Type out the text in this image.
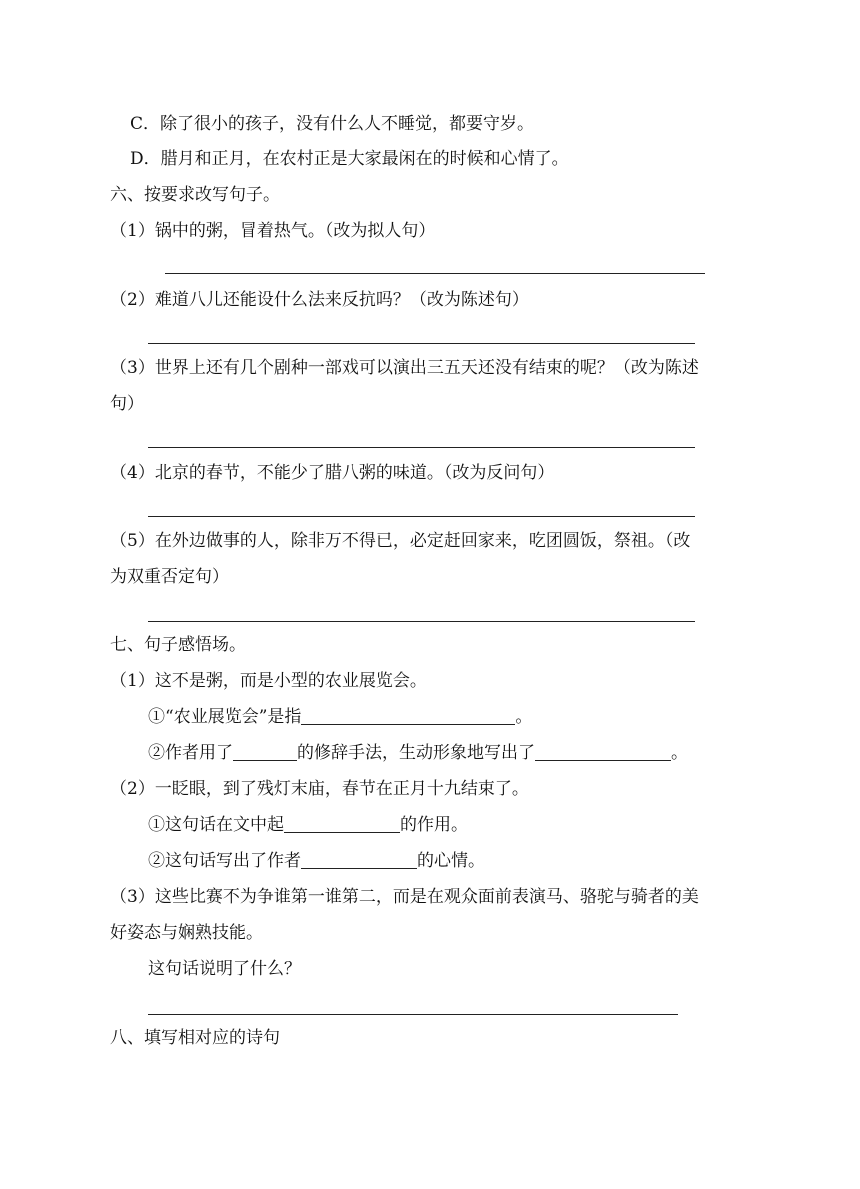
C．除了很小的孩子，没有什么人不睡觉，都要守岁。
D．腊月和正月，在农村正是大家最闲在的时候和心情了。
六、按要求改写句子。
（1）锅中的粥，冒着热气。（改为拟人句）
（2）难道八儿还能设什么法来反抗吗？（改为陈述句）
（3）世界上还有几个剧种一部戏可以演出三五天还没有结束的呢？（改为陈述
句）
（4）北京的春节，不能少了腊八粥的味道。（改为反问句）
（5）在外边做事的人，除非万不得已，必定赶回家来，吃团圆饭，祭祖。（改
为双重否定句）
七、句子感悟场。
（1）这不是粥，而是小型的农业展览会。
①“农业展览会”是指	。
②作者用了	的修辞手法，生动形象地写出了	。
（2）一眨眼，到了残灯末庙，春节在正月十九结束了。
①这句话在文中起	的作用。
②这句话写出了作者	的心情。
（3）这些比赛不为争谁第一谁第二，而是在观众面前表演马、骆驼与骑者的美
好姿态与娴熟技能。
这句话说明了什么？
八、填写相对应的诗句
